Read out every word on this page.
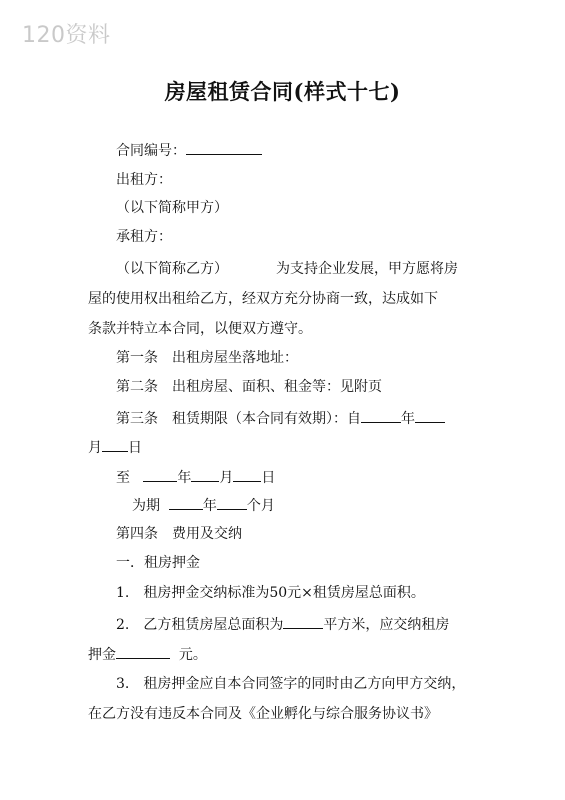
120资料
房屋租赁合同(样式十七)
合同编号：
出租方：
（以下简称甲方）
承租方：
（以下简称乙方）	为支持企业发展，甲方愿将房
屋的使用权出租给乙方，经双方充分协商一致，达成如下
条款并特立本合同，以便双方遵守。
第一条　出租房屋坐落地址：
第二条　出租房屋、面积、租金等：见附页
第三条　租赁期限（本合同有效期）：自	年
月 日
至	年 月 日
为期	年 个月
第四条　费用及交纳
一．租房押金
1.　租房押金交纳标准为50元×租赁房屋总面积。
2.　乙方租赁房屋总面积为	平方米，应交纳租房
押金	元。
3.　租房押金应自本合同签字的同时由乙方向甲方交纳，
在乙方没有违反本合同及《企业孵化与综合服务协议书》
